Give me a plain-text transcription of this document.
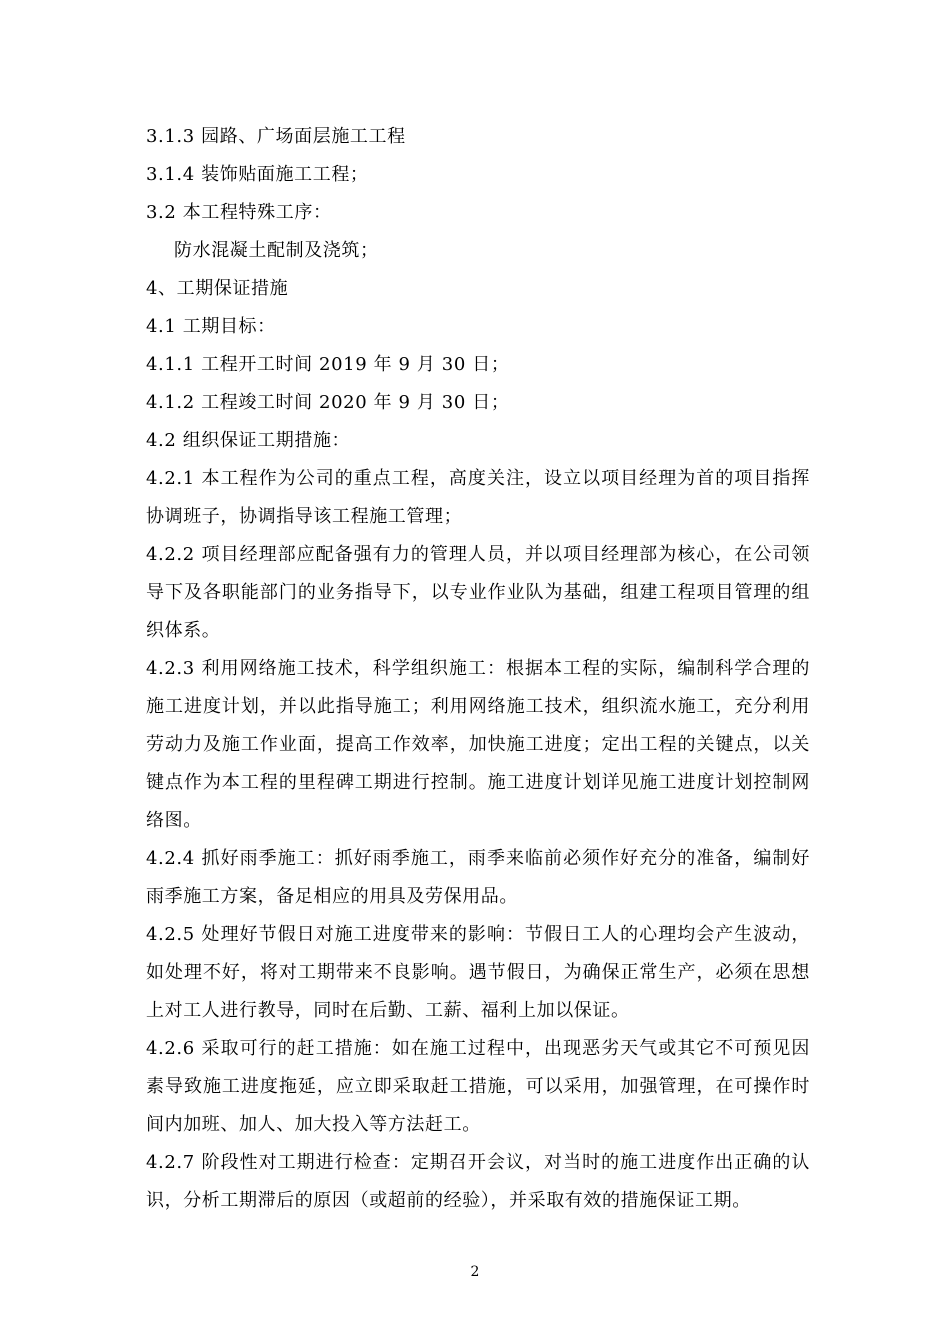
3.1.3 园路、广场面层施工工程

3.1.4 装饰贴面施工工程；

3.2 本工程特殊工序：

防水混凝土配制及浇筑；

4、工期保证措施

4.1 工期目标：

4.1.1 工程开工时间 2019 年 9 月 30 日；

4.1.2 工程竣工时间 2020 年 9 月 30 日；

4.2 组织保证工期措施：

4.2.1 本工程作为公司的重点工程，高度关注，设立以项目经理为首的项目指挥协调班子，协调指导该工程施工管理；

4.2.2 项目经理部应配备强有力的管理人员，并以项目经理部为核心，在公司领导下及各职能部门的业务指导下，以专业作业队为基础，组建工程项目管理的组织体系。

4.2.3 利用网络施工技术，科学组织施工：根据本工程的实际，编制科学合理的施工进度计划，并以此指导施工；利用网络施工技术，组织流水施工，充分利用劳动力及施工作业面，提高工作效率，加快施工进度；定出工程的关键点，以关键点作为本工程的里程碑工期进行控制。施工进度计划详见施工进度计划控制网络图。

4.2.4 抓好雨季施工：抓好雨季施工，雨季来临前必须作好充分的准备，编制好雨季施工方案，备足相应的用具及劳保用品。

4.2.5 处理好节假日对施工进度带来的影响：节假日工人的心理均会产生波动，如处理不好，将对工期带来不良影响。遇节假日，为确保正常生产，必须在思想上对工人进行教导，同时在后勤、工薪、福利上加以保证。

4.2.6 采取可行的赶工措施：如在施工过程中，出现恶劣天气或其它不可预见因素导致施工进度拖延，应立即采取赶工措施，可以采用，加强管理，在可操作时间内加班、加人、加大投入等方法赶工。

4.2.7 阶段性对工期进行检查：定期召开会议，对当时的施工进度作出正确的认识，分析工期滞后的原因（或超前的经验），并采取有效的措施保证工期。

2
